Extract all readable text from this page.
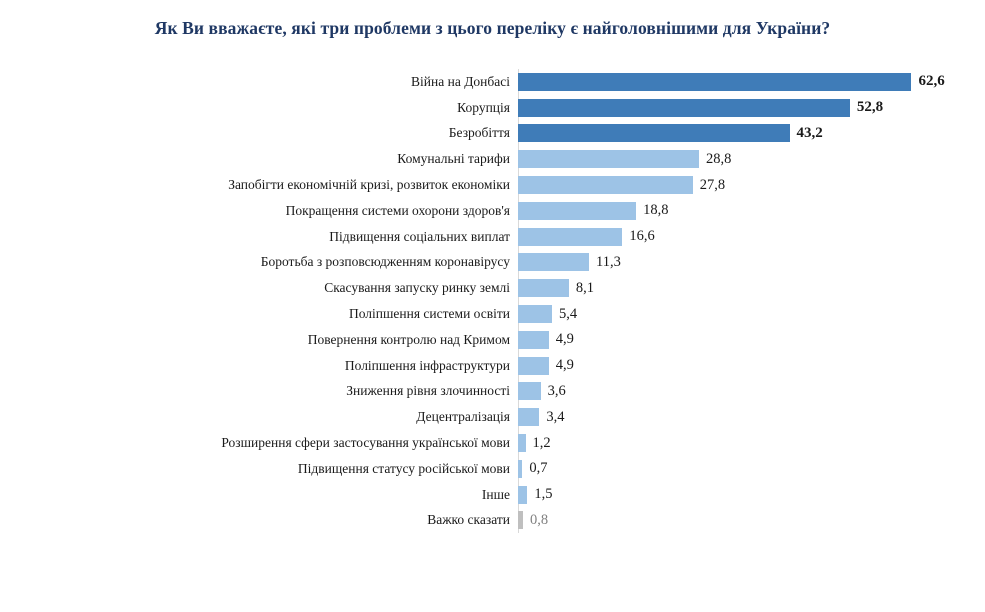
Як Ви вважаєте, які три проблеми з цього переліку є найголовнішими для України?
Війна на Донбасі	62,6
Корупція	52,8
Безробіття	43,2
Комунальні тарифи	28,8
Запобігти економічній кризі, розвиток економіки	27,8
Покращення системи охорони здоров'я	18,8
Підвищення соціальних виплат	16,6
Боротьба з розповсюдженням коронавірусу	11,3
Скасування запуску ринку землі	8,1
Поліпшення системи освіти	5,4
Повернення контролю над Кримом	4,9
Поліпшення інфраструктури	4,9
Зниження рівня злочинності	3,6
Децентралізація	3,4
Розширення сфери застосування української мови	1,2
Підвищення статусу російської мови	0,7
Інше	1,5
Важко сказати	0,8
